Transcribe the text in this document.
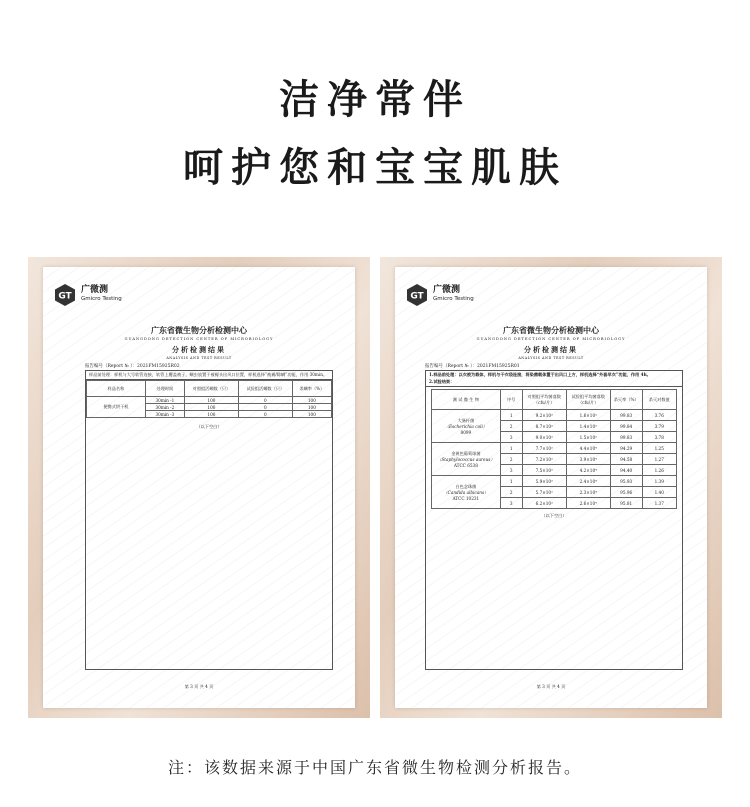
洁净常伴
呵护您和宝宝肌肤
GT
广微测
Gmicro Testing
广东省微生物分析检测中心
GUANGDONG DETECTION CENTER OF MICROBIOLOGY
分析检测结果
ANALYSIS AND TEST RESULT
报告编号（Report № ）：2021FM15925R02
样品前处理：样机与大号软管连接，软管上覆盖被子，螨虫放置于被褥头出风口位置，样机选择“被褥/除螨”功能，作用 30min。
样品名称	处理时间	对照组活螨数（只）	试验组活螨数（只）	杀螨率（%）
便携式烘干机	30min -1	100	0	100
	30min -2	100	0	100
	30min -3	100	0	100
（以下空白）
第 3 页 共 4 页
GT
广微测
Gmicro Testing
广东省微生物分析检测中心
GUANGDONG DETECTION CENTER OF MICROBIOLOGY
分析检测结果
ANALYSIS AND TEST RESULT
报告编号（Report № ）：2021FM15925R01
1.样品前处理：以衣被为载体，样机与干衣袋连接，将染菌载体置于出风口上方，样机选择“外套早衣”功能，作用 4h。
2.试验结果：
测 试 微 生 物	序号	对照组平均菌落数（cfu/片）	试验组平均菌落数（cfu/片）	杀灭率（%）	杀灭对数值

大肠杆菌
（Escherichia coli）
8099	1	9.2×10⁵	1.6×10³	99.83	3.76
	2	8.7×10⁵	1.4×10³	99.84	3.79
	3	9.0×10⁵	1.5×10³	99.83	3.78

金黄色葡萄球菌
（Staphylococcus aureus）
ATCC 6538	1	7.7×10⁵	4.4×10⁴	94.29	1.25
	2	7.2×10⁵	3.9×10⁴	94.58	1.27
	3	7.5×10⁵	4.2×10⁴	94.40	1.26

白色念珠菌
（Candida albicans）
ATCC 10231	1	5.9×10⁵	2.4×10⁴	95.93	1.39
	2	5.7×10⁵	2.3×10⁴	95.96	1.40
	3	6.2×10⁵	2.6×10⁴	95.81	1.37
（以下空白）
第 3 页 共 4 页
注：该数据来源于中国广东省微生物检测分析报告。
